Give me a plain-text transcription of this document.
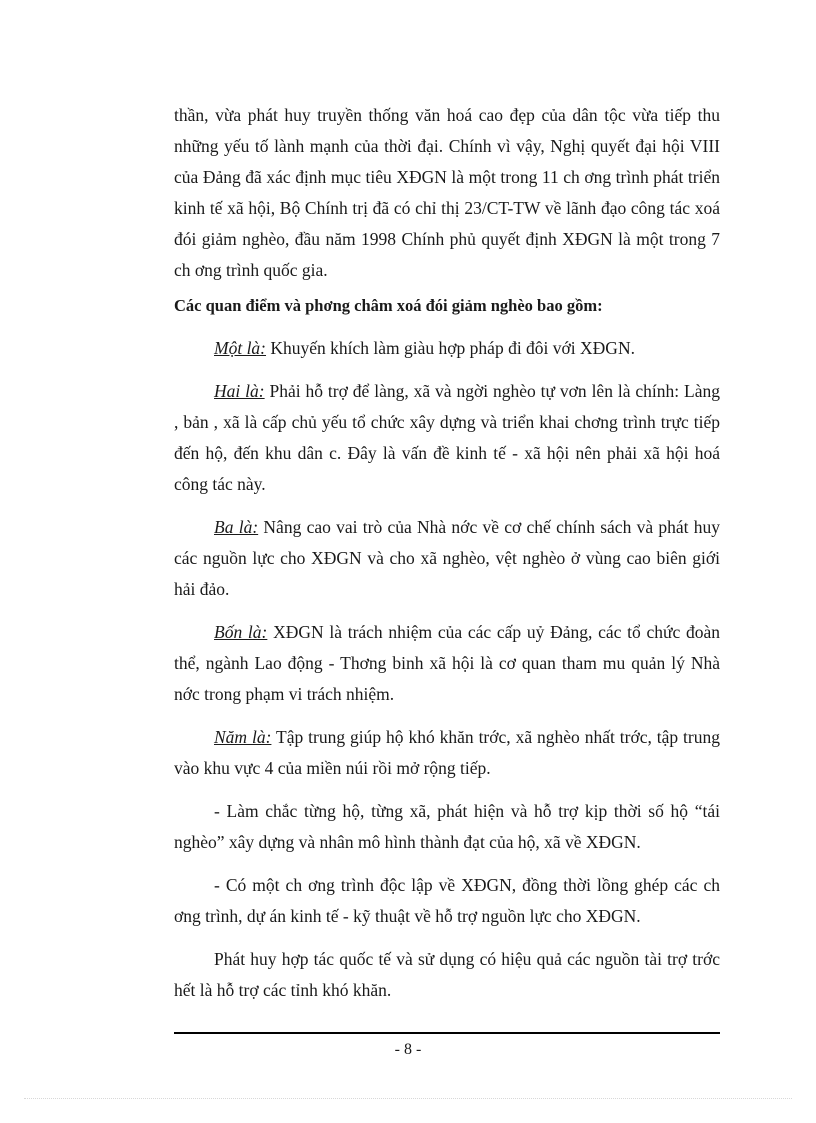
thần, vừa phát huy truyền thống văn hoá cao đẹp của dân tộc vừa tiếp thu những yếu tố lành mạnh của thời đại. Chính vì vậy, Nghị quyết đại hội VIII của Đảng đã xác định mục tiêu XĐGN là một trong 11 ch ơng trình phát triển kinh tế xã hội, Bộ Chính trị đã có chỉ thị 23/CT-TW về lãnh đạo công tác xoá đói giảm nghèo, đầu năm 1998 Chính phủ quyết định XĐGN là một trong 7 ch ơng trình quốc gia.

Các quan điểm và phơng châm xoá đói giảm nghèo bao gồm:

Một là: Khuyến khích làm giàu hợp pháp đi đôi với XĐGN.

Hai là: Phải hỗ trợ để làng, xã và ngời nghèo tự vơn lên là chính: Làng , bản , xã là cấp chủ yếu tổ chức xây dựng và triển khai chơng trình trực tiếp đến hộ, đến khu dân c. Đây là vấn đề kinh tế - xã hội nên phải xã hội hoá công tác này.

Ba là: Nâng cao vai trò của Nhà nớc về cơ chế chính sách và phát huy các nguồn lực cho XĐGN và cho xã nghèo, vệt nghèo ở vùng cao biên giới hải đảo.

Bốn là: XĐGN là trách nhiệm của các cấp uỷ Đảng, các tổ chức đoàn thể, ngành Lao động - Thơng binh xã hội là cơ quan tham mu quản lý Nhà nớc trong phạm vi trách nhiệm.

Năm là: Tập trung giúp hộ khó khăn trớc, xã nghèo nhất trớc, tập trung vào khu vực 4 của miền núi rồi mở rộng tiếp.

- Làm chắc từng hộ, từng xã, phát hiện và hỗ trợ kịp thời số hộ “tái nghèo” xây dựng và nhân mô hình thành đạt của hộ, xã về XĐGN.

- Có một ch ơng trình độc lập về XĐGN, đồng thời lồng ghép các ch ơng trình, dự án kinh tế - kỹ thuật về hỗ trợ nguồn lực cho XĐGN.

Phát huy hợp tác quốc tế và sử dụng có hiệu quả các nguồn tài trợ trớc hết là hỗ trợ các tỉnh khó khăn.

- 8 -
